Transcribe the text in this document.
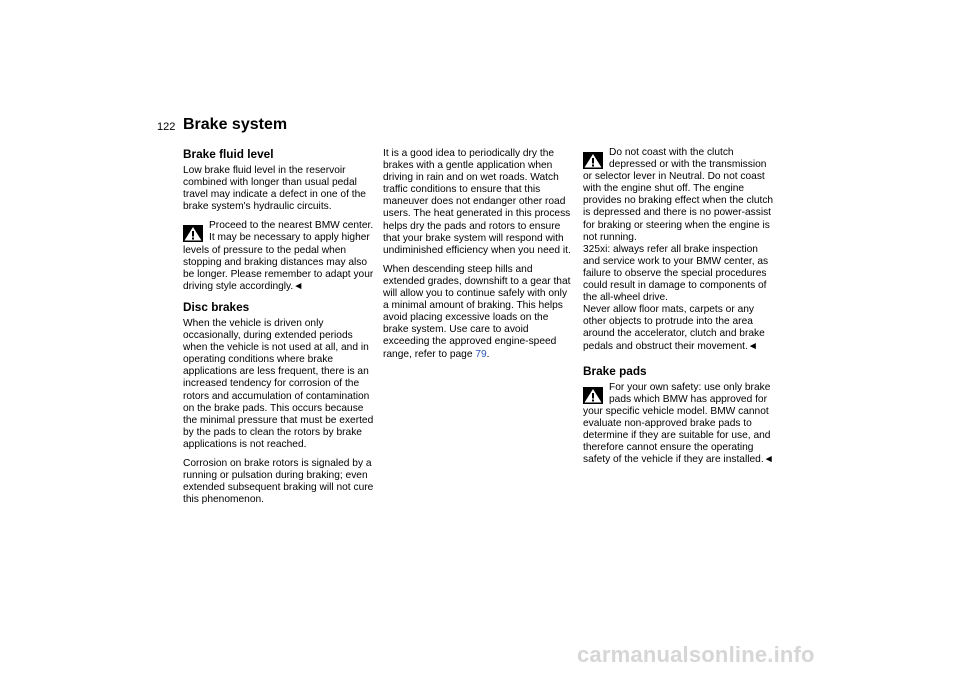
122 Brake system
Brake fluid level

Low brake fluid level in the reservoir combined with longer than usual pedal travel may indicate a defect in one of the brake system's hydraulic circuits.

Proceed to the nearest BMW center. It may be necessary to apply higher levels of pressure to the pedal when stopping and braking distances may also be longer. Please remember to adapt your driving style accordingly.◄
Disc brakes

When the vehicle is driven only occasionally, during extended periods when the vehicle is not used at all, and in operating conditions where brake applications are less frequent, there is an increased tendency for corrosion of the rotors and accumulation of contamination on the brake pads. This occurs because the minimal pressure that must be exerted by the pads to clean the rotors by brake applications is not reached.

Corrosion on brake rotors is signaled by a running or pulsation during braking; even extended subsequent braking will not cure this phenomenon.

It is a good idea to periodically dry the brakes with a gentle application when driving in rain and on wet roads. Watch traffic conditions to ensure that this maneuver does not endanger other road users. The heat generated in this process helps dry the pads and rotors to ensure that your brake system will respond with undiminished efficiency when you need it.

When descending steep hills and extended grades, downshift to a gear that will allow you to continue safely with only a minimal amount of braking. This helps avoid placing excessive loads on the brake system. Use care to avoid exceeding the approved engine-speed range, refer to page 79.

Do not coast with the clutch depressed or with the transmission or selector lever in Neutral. Do not coast with the engine shut off. The engine provides no braking effect when the clutch is depressed and there is no power-assist for braking or steering when the engine is not running.
325xi: always refer all brake inspection and service work to your BMW center, as failure to observe the special procedures could result in damage to components of the all-wheel drive.
Never allow floor mats, carpets or any other objects to protrude into the area around the accelerator, clutch and brake pedals and obstruct their movement.◄
Brake pads
For your own safety: use only brake pads which BMW has approved for your specific vehicle model. BMW cannot evaluate non-approved brake pads to determine if they are suitable for use, and therefore cannot ensure the operating safety of the vehicle if they are installed.◄
carmanualsonline.info
